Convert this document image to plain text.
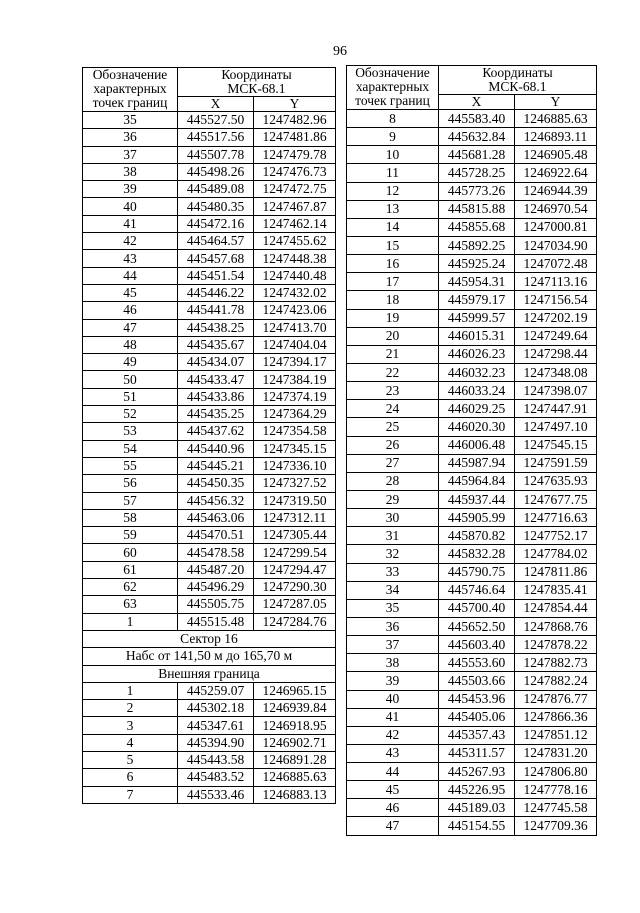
96
Обозначение
характерных
точек границ	Координаты
МСК-68.1	
	X	Y
35	445527.50	1247482.96
36	445517.56	1247481.86
37	445507.78	1247479.78
38	445498.26	1247476.73
39	445489.08	1247472.75
40	445480.35	1247467.87
41	445472.16	1247462.14
42	445464.57	1247455.62
43	445457.68	1247448.38
44	445451.54	1247440.48
45	445446.22	1247432.02
46	445441.78	1247423.06
47	445438.25	1247413.70
48	445435.67	1247404.04
49	445434.07	1247394.17
50	445433.47	1247384.19
51	445433.86	1247374.19
52	445435.25	1247364.29
53	445437.62	1247354.58
54	445440.96	1247345.15
55	445445.21	1247336.10
56	445450.35	1247327.52
57	445456.32	1247319.50
58	445463.06	1247312.11
59	445470.51	1247305.44
60	445478.58	1247299.54
61	445487.20	1247294.47
62	445496.29	1247290.30
63	445505.75	1247287.05
1	445515.48	1247284.76
Сектор 16		
Набс от 141,50 м до 165,70 м		
Внешняя граница		
1	445259.07	1246965.15
2	445302.18	1246939.84
3	445347.61	1246918.95
4	445394.90	1246902.71
5	445443.58	1246891.28
6	445483.52	1246885.63
7	445533.46	1246883.13
Обозначение
характерных
точек границ	Координаты
МСК-68.1	
	X	Y
8	445583.40	1246885.63
9	445632.84	1246893.11
10	445681.28	1246905.48
11	445728.25	1246922.64
12	445773.26	1246944.39
13	445815.88	1246970.54
14	445855.68	1247000.81
15	445892.25	1247034.90
16	445925.24	1247072.48
17	445954.31	1247113.16
18	445979.17	1247156.54
19	445999.57	1247202.19
20	446015.31	1247249.64
21	446026.23	1247298.44
22	446032.23	1247348.08
23	446033.24	1247398.07
24	446029.25	1247447.91
25	446020.30	1247497.10
26	446006.48	1247545.15
27	445987.94	1247591.59
28	445964.84	1247635.93
29	445937.44	1247677.75
30	445905.99	1247716.63
31	445870.82	1247752.17
32	445832.28	1247784.02
33	445790.75	1247811.86
34	445746.64	1247835.41
35	445700.40	1247854.44
36	445652.50	1247868.76
37	445603.40	1247878.22
38	445553.60	1247882.73
39	445503.66	1247882.24
40	445453.96	1247876.77
41	445405.06	1247866.36
42	445357.43	1247851.12
43	445311.57	1247831.20
44	445267.93	1247806.80
45	445226.95	1247778.16
46	445189.03	1247745.58
47	445154.55	1247709.36
